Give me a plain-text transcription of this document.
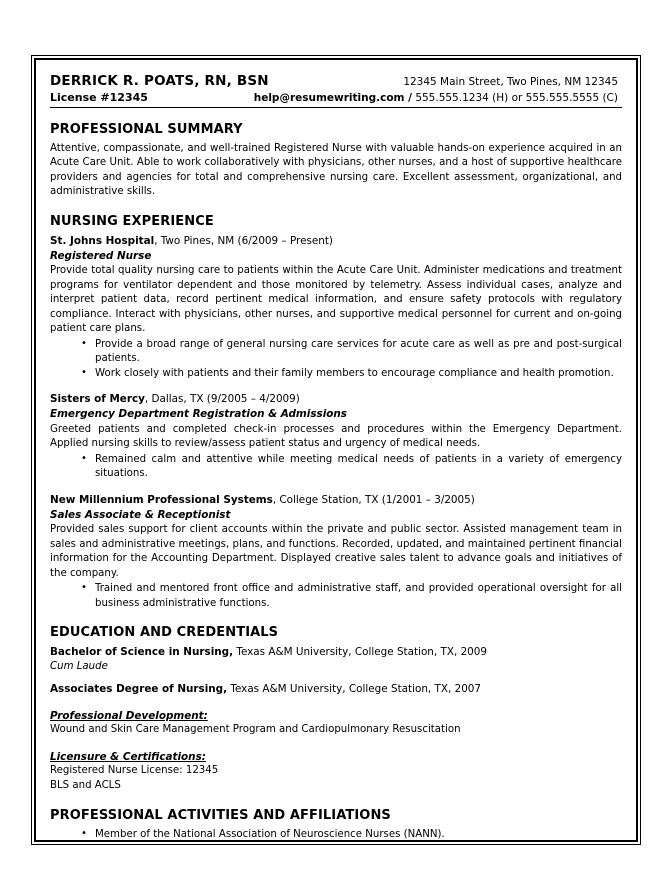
DERRICK R. POATS, RN, BSN	12345 Main Street, Two Pines, NM 12345
License #12345	help@resumewriting.com / 555.555.1234 (H) or 555.555.5555 (C)
PROFESSIONAL SUMMARY

Attentive, compassionate, and well-trained Registered Nurse with valuable hands-on experience acquired in an Acute Care Unit. Able to work collaboratively with physicians, other nurses, and a host of supportive healthcare providers and agencies for total and comprehensive nursing care. Excellent assessment, organizational, and administrative skills.

NURSING EXPERIENCE
St. Johns Hospital, Two Pines, NM (6/2009 – Present)
Registered Nurse

Provide total quality nursing care to patients within the Acute Care Unit. Administer medications and treatment programs for ventilator dependent and those monitored by telemetry. Assess individual cases, analyze and interpret patient data, record pertinent medical information, and ensure safety protocols with regulatory compliance. Interact with physicians, other nurses, and supportive medical personnel for current and on-going patient care plans.

• Provide a broad range of general nursing care services for acute care as well as pre and post-surgical patients.
• Work closely with patients and their family members to encourage compliance and health promotion.
Sisters of Mercy, Dallas, TX (9/2005 – 4/2009)
Emergency Department Registration & Admissions

Greeted patients and completed check-in processes and procedures within the Emergency Department. Applied nursing skills to review/assess patient status and urgency of medical needs.

• Remained calm and attentive while meeting medical needs of patients in a variety of emergency situations.
New Millennium Professional Systems, College Station, TX (1/2001 – 3/2005)
Sales Associate & Receptionist

Provided sales support for client accounts within the private and public sector. Assisted management team in sales and administrative meetings, plans, and functions. Recorded, updated, and maintained pertinent financial information for the Accounting Department. Displayed creative sales talent to advance goals and initiatives of the company.

• Trained and mentored front office and administrative staff, and provided operational oversight for all business administrative functions.
EDUCATION AND CREDENTIALS
Bachelor of Science in Nursing, Texas A&M University, College Station, TX, 2009
Cum Laude
Associates Degree of Nursing, Texas A&M University, College Station, TX, 2007
Professional Development:
Wound and Skin Care Management Program and Cardiopulmonary Resuscitation
Licensure & Certifications:
Registered Nurse License: 12345
BLS and ACLS
PROFESSIONAL ACTIVITIES AND AFFILIATIONS
• Member of the National Association of Neuroscience Nurses (NANN).
